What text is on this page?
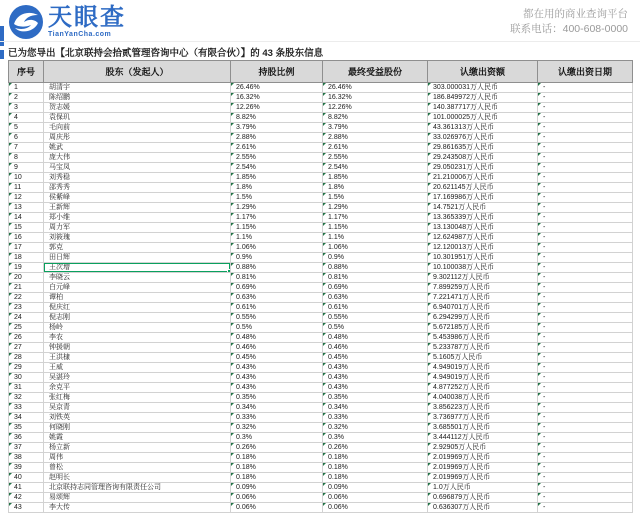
天眼查
TianYanCha.com
都在用的商业查询平台
联系电话：400-608-0000
已为您导出【北京联持会拾贰管理咨询中心（有限合伙）】的 43 条股东信息
序号	股东（发起人）	持股比例	最终受益股份	认缴出资额	认缴出资日期

1	胡清宇	26.46%	26.46%	303.000031万人民币	-

2	陈绍鹏	16.32%	16.32%	186.849972万人民币	-

3	贺志媛	12.26%	12.26%	140.387717万人民币	-

4	袁保玑	8.82%	8.82%	101.000025万人民币	-

5	毛向前	3.79%	3.79%	43.361313万人民币	-

6	周庆彤	2.88%	2.88%	33.026976万人民币	-

7	姚武	2.61%	2.61%	29.861635万人民币	-

8	庞大伟	2.55%	2.55%	29.243508万人民币	-

9	马宝凤	2.54%	2.54%	29.050231万人民币	-

10	刘秀稳	1.85%	1.85%	21.210006万人民币	-

11	邵秀秀	1.8%	1.8%	20.621145万人民币	-

12	侯紫峰	1.5%	1.5%	17.169986万人民币	-

13	王新辉	1.29%	1.29%	14.7521万人民币	-

14	郑小维	1.17%	1.17%	13.365339万人民币	-

15	周力军	1.15%	1.15%	13.130048万人民币	-

16	刘筱瑰	1.1%	1.1%	12.624987万人民币	-

17	郭克	1.06%	1.06%	12.120013万人民币	-

18	田日辉	0.9%	0.9%	10.301951万人民币	-

19	王次增	0.88%	0.88%	10.100038万人民币	-

20	李晓云	0.81%	0.81%	9.302112万人民币	-

21	白元峰	0.69%	0.69%	7.899259万人民币	-

22	谭柏	0.63%	0.63%	7.221471万人民币	-

23	倪庆红	0.61%	0.61%	6.940701万人民币	-

24	倪志刚	0.55%	0.55%	6.294299万人民币	-

25	杨岭	0.5%	0.5%	5.672185万人民币	-

26	李农	0.48%	0.48%	5.453986万人民币	-

27	钟援朝	0.46%	0.46%	5.233787万人民币	-

28	王洪棣	0.45%	0.45%	5.1605万人民币	-

29	王威	0.43%	0.43%	4.949019万人民币	-

30	吴湛玲	0.43%	0.43%	4.949019万人民币	-

31	余克平	0.43%	0.43%	4.877252万人民币	-

32	张红梅	0.35%	0.35%	4.040038万人民币	-

33	吴京青	0.34%	0.34%	3.856223万人民币	-

34	刘铁英	0.33%	0.33%	3.736977万人民币	-

35	何晓刚	0.32%	0.32%	3.685501万人民币	-

36	姚霞	0.3%	0.3%	3.444112万人民币	-

37	杨立新	0.26%	0.26%	2.92905万人民币	-

38	周伟	0.18%	0.18%	2.019969万人民币	-

39	曾松	0.18%	0.18%	2.019969万人民币	-

40	赵明长	0.18%	0.18%	2.019969万人民币	-

41	北京联持志同管理咨询有限责任公司	0.09%	0.09%	1.0万人民币	-

42	易颂辉	0.06%	0.06%	0.696879万人民币	-

43	李大传	0.06%	0.06%	0.636307万人民币	-
